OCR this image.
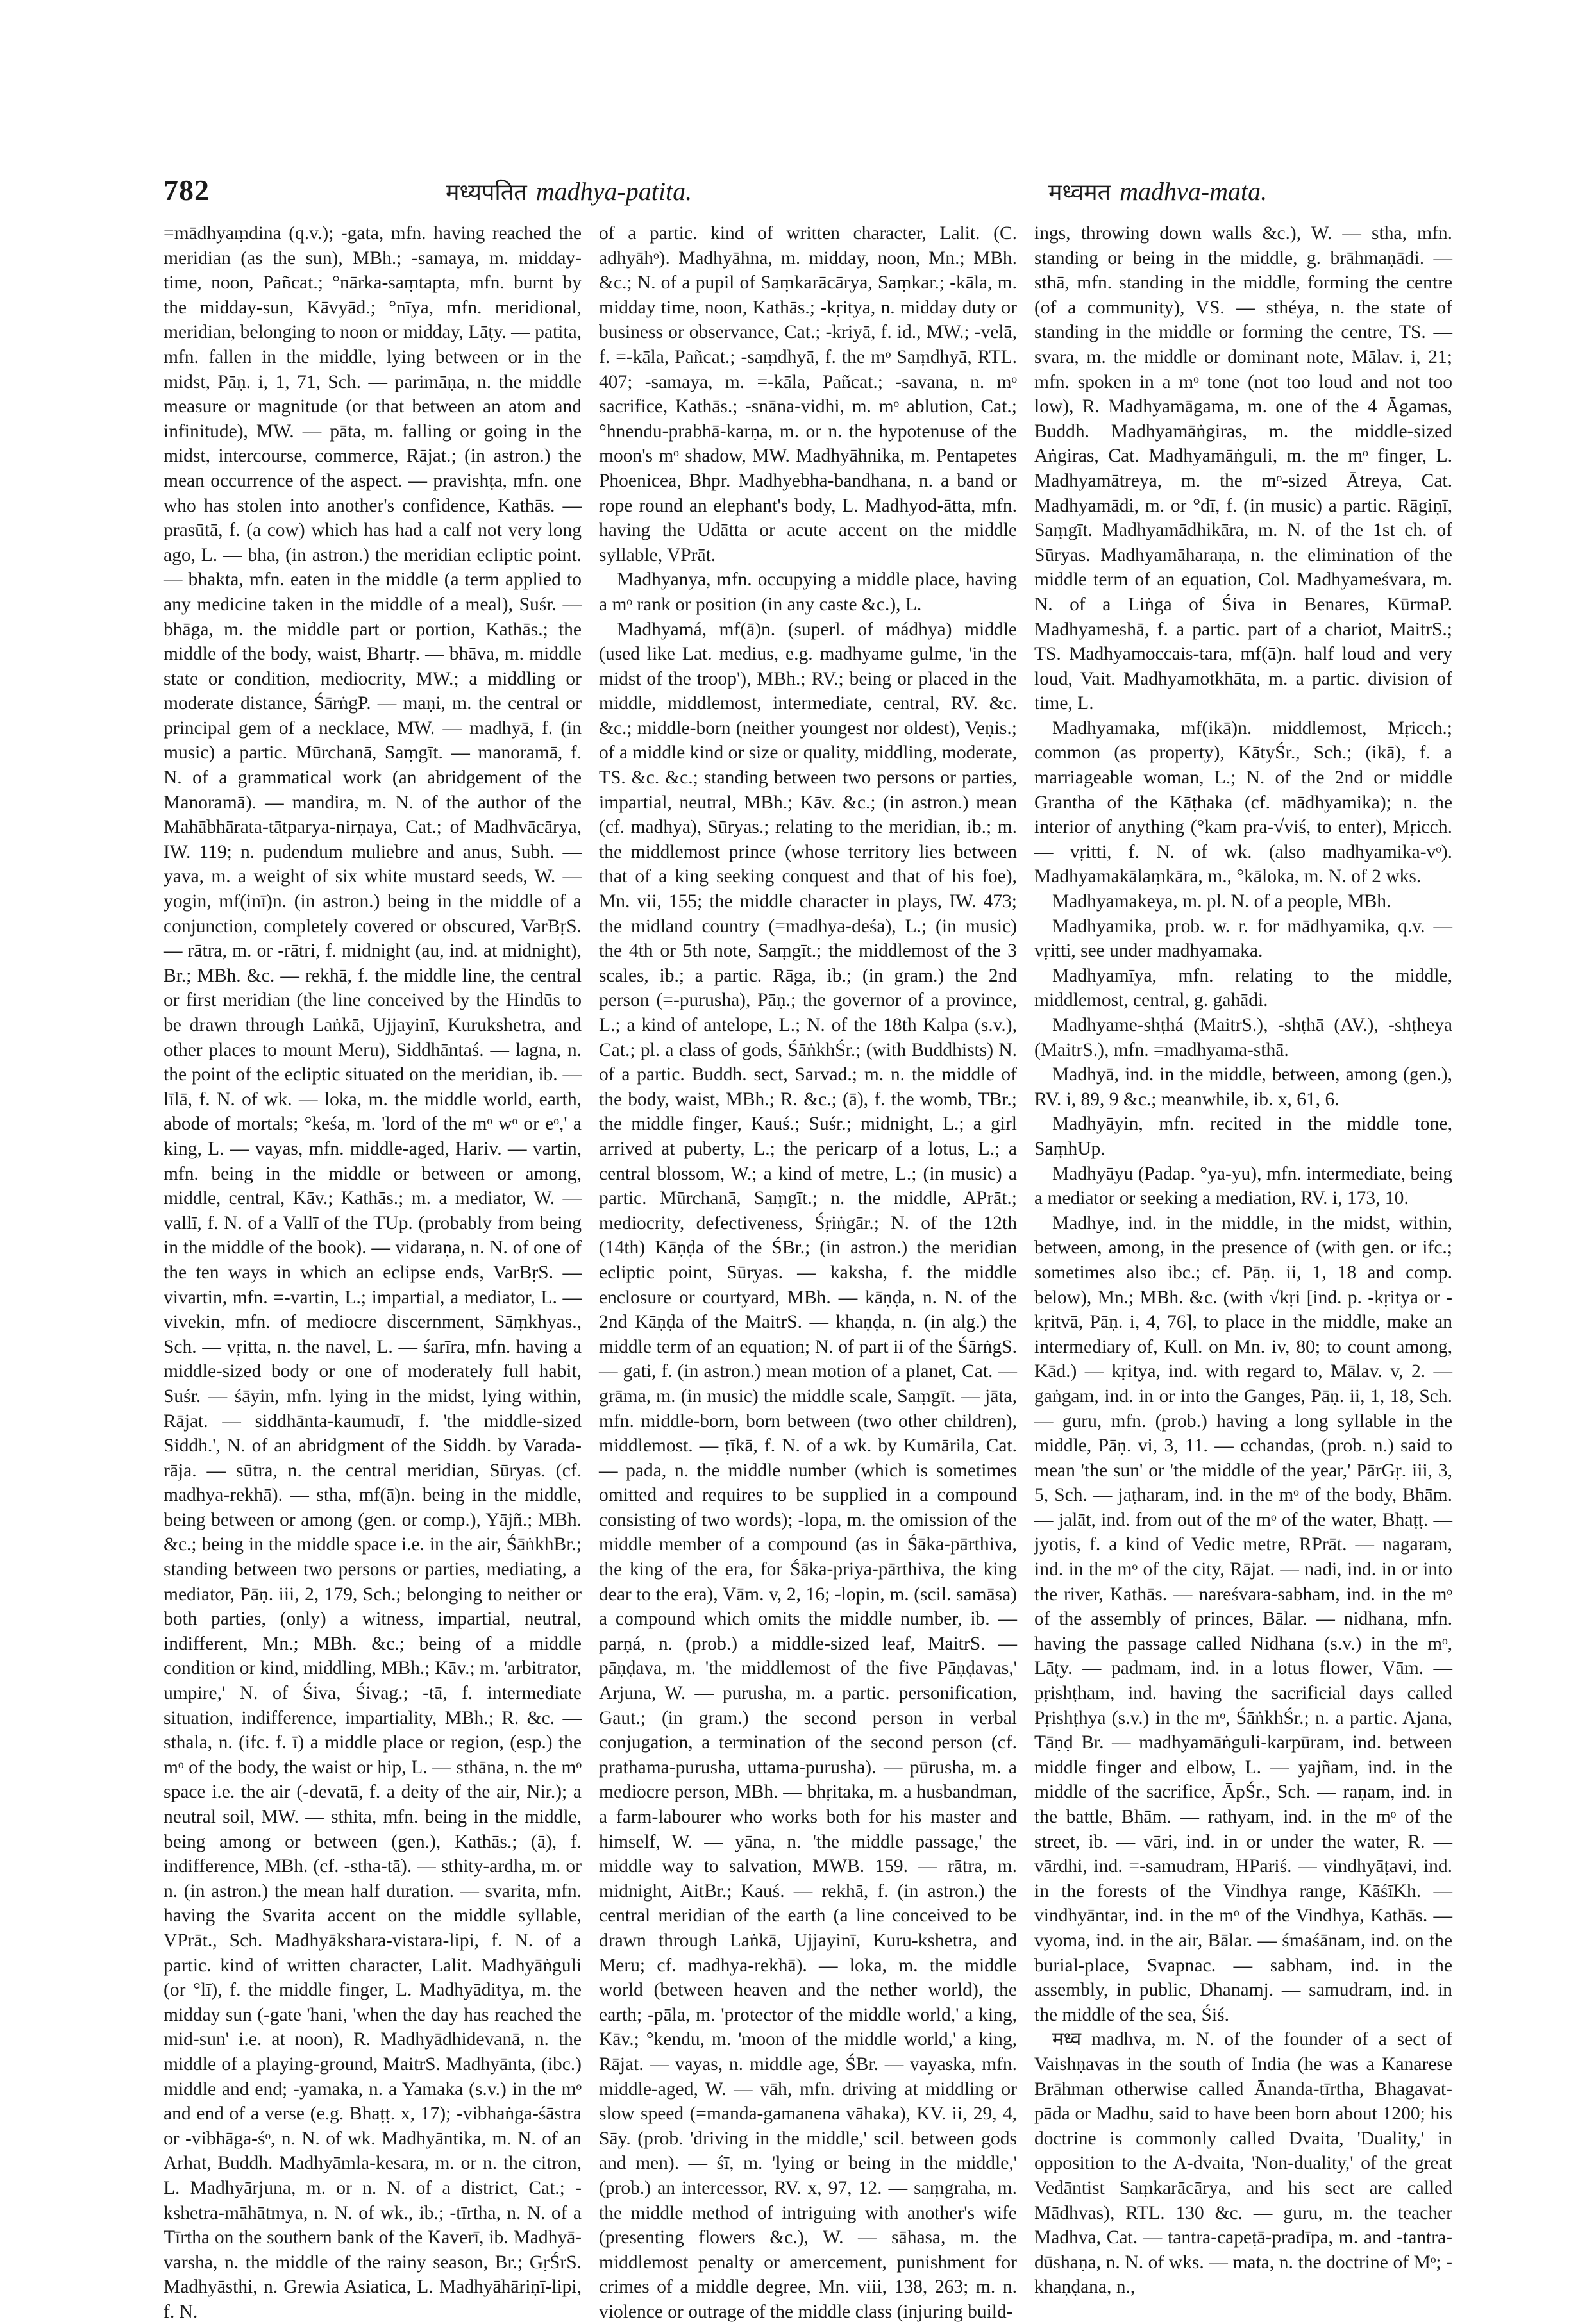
782	मध्यपतित madhya-patita.	मध्वमत madhva-mata.

=mādhyaṃdina (q.v.); -gata, mfn. having reached the meridian (as the sun), MBh.; -samaya, m. midday-time, noon, Pañcat.; °nārka-saṃtapta, mfn. burnt by the midday-sun, Kāvyād.; °nīya, mfn. meridional, meridian, belonging to noon or midday, Lāṭy. — patita, mfn. fallen in the middle, lying between or in the midst, Pāṇ. i, 1, 71, Sch. — parimāṇa, n. the middle measure or magnitude (or that between an atom and infinitude), MW. — pāta, m. falling or going in the midst, intercourse, commerce, Rājat.; (in astron.) the mean occurrence of the aspect. — pravishṭa, mfn. one who has stolen into another's confidence, Kathās. — prasūtā, f. (a cow) which has had a calf not very long ago, L. — bha, (in astron.) the meridian ecliptic point. — bhakta, mfn. eaten in the middle (a term applied to any medicine taken in the middle of a meal), Suśr. — bhāga, m. the middle part or portion, Kathās.; the middle of the body, waist, Bhartṛ. — bhāva, m. middle state or condition, mediocrity, MW.; a middling or moderate distance, ŚārṅgP. — maṇi, m. the central or principal gem of a necklace, MW. — madhyā, f. (in music) a partic. Mūrchanā, Saṃgīt. — manoramā, f. N. of a grammatical work (an abridgement of the Manoramā). — mandira, m. N. of the author of the Mahābhārata-tātparya-nirṇaya, Cat.; of Madhvācārya, IW. 119; n. pudendum muliebre and anus, Subh. — yava, m. a weight of six white mustard seeds, W. — yogin, mf(inī)n. (in astron.) being in the middle of a conjunction, completely covered or obscured, VarBṛS. — rātra, m. or -rātri, f. midnight (au, ind. at midnight), Br.; MBh. &c. — rekhā, f. the middle line, the central or first meridian (the line conceived by the Hindūs to be drawn through Laṅkā, Ujjayinī, Kurukshetra, and other places to mount Meru), Siddhāntaś. — lagna, n. the point of the ecliptic situated on the meridian, ib. — līlā, f. N. of wk. — loka, m. the middle world, earth, abode of mortals; °keśa, m. 'lord of the mᵒ wᵒ or eᵒ,' a king, L. — vayas, mfn. middle-aged, Hariv. — vartin, mfn. being in the middle or between or among, middle, central, Kāv.; Kathās.; m. a mediator, W. — vallī, f. N. of a Vallī of the TUp. (probably from being in the middle of the book). — vidaraṇa, n. N. of one of the ten ways in which an eclipse ends, VarBṛS. — vivartin, mfn. =-vartin, L.; impartial, a mediator, L. — vivekin, mfn. of mediocre discernment, Sāṃkhyas., Sch. — vṛitta, n. the navel, L. — śarīra, mfn. having a middle-sized body or one of moderately full habit, Suśr. — śāyin, mfn. lying in the midst, lying within, Rājat. — siddhānta-kaumudī, f. 'the middle-sized Siddh.', N. of an abridgment of the Siddh. by Varada-rāja. — sūtra, n. the central meridian, Sūryas. (cf. madhya-rekhā). — stha, mf(ā)n. being in the middle, being between or among (gen. or comp.), Yājñ.; MBh. &c.; being in the middle space i.e. in the air, ŚāṅkhBr.; standing between two persons or parties, mediating, a mediator, Pāṇ. iii, 2, 179, Sch.; belonging to neither or both parties, (only) a witness, impartial, neutral, indifferent, Mn.; MBh. &c.; being of a middle condition or kind, middling, MBh.; Kāv.; m. 'arbitrator, umpire,' N. of Śiva, Śivag.; -tā, f. intermediate situation, indifference, impartiality, MBh.; R. &c. — sthala, n. (ifc. f. ī) a middle place or region, (esp.) the mᵒ of the body, the waist or hip, L. — sthāna, n. the mᵒ space i.e. the air (-devatā, f. a deity of the air, Nir.); a neutral soil, MW. — sthita, mfn. being in the middle, being among or between (gen.), Kathās.; (ā), f. indifference, MBh. (cf. -stha-tā). — sthity-ardha, m. or n. (in astron.) the mean half duration. — svarita, mfn. having the Svarita accent on the middle syllable, VPrāt., Sch. Madhyākshara-vistara-lipi, f. N. of a partic. kind of written character, Lalit. Madhyāṅguli (or °lī), f. the middle finger, L. Madhyāditya, m. the midday sun (-gate 'hani, 'when the day has reached the mid-sun' i.e. at noon), R. Madhyādhidevanā, n. the middle of a playing-ground, MaitrS. Madhyānta, (ibc.) middle and end; -yamaka, n. a Yamaka (s.v.) in the mᵒ and end of a verse (e.g. Bhaṭṭ. x, 17); -vibhaṅga-śāstra or -vibhāga-śᵒ, n. N. of wk. Madhyāntika, m. N. of an Arhat, Buddh. Madhyāmla-kesara, m. or n. the citron, L. Madhyārjuna, m. or n. N. of a district, Cat.; -kshetra-māhātmya, n. N. of wk., ib.; -tīrtha, n. N. of a Tīrtha on the southern bank of the Kaverī, ib. Madhyā-varsha, n. the middle of the rainy season, Br.; GṛŚrS. Madhyāsthi, n. Grewia Asiatica, L. Madhyāhāriṇī-lipi, f. N.

of a partic. kind of written character, Lalit. (C. adhyāhᵒ). Madhyāhna, m. midday, noon, Mn.; MBh. &c.; N. of a pupil of Saṃkarācārya, Saṃkar.; -kāla, m. midday time, noon, Kathās.; -kṛitya, n. midday duty or business or observance, Cat.; -kriyā, f. id., MW.; -velā, f. =-kāla, Pañcat.; -saṃdhyā, f. the mᵒ Saṃdhyā, RTL. 407; -samaya, m. =-kāla, Pañcat.; -savana, n. mᵒ sacrifice, Kathās.; -snāna-vidhi, m. mᵒ ablution, Cat.; °hnendu-prabhā-karṇa, m. or n. the hypotenuse of the moon's mᵒ shadow, MW. Madhyāhnika, m. Pentapetes Phoenicea, Bhpr. Madhyebha-bandhana, n. a band or rope round an elephant's body, L. Madhyod-ātta, mfn. having the Udātta or acute accent on the middle syllable, VPrāt.

Madhyanya, mfn. occupying a middle place, having a mᵒ rank or position (in any caste &c.), L.

Madhyamá, mf(ā)n. (superl. of mádhya) middle (used like Lat. medius, e.g. madhyame gulme, 'in the midst of the troop'), MBh.; RV.; being or placed in the middle, middlemost, intermediate, central, RV. &c. &c.; middle-born (neither youngest nor oldest), Veṇis.; of a middle kind or size or quality, middling, moderate, TS. &c. &c.; standing between two persons or parties, impartial, neutral, MBh.; Kāv. &c.; (in astron.) mean (cf. madhya), Sūryas.; relating to the meridian, ib.; m. the middlemost prince (whose territory lies between that of a king seeking conquest and that of his foe), Mn. vii, 155; the middle character in plays, IW. 473; the midland country (=madhya-deśa), L.; (in music) the 4th or 5th note, Saṃgīt.; the middlemost of the 3 scales, ib.; a partic. Rāga, ib.; (in gram.) the 2nd person (=-purusha), Pāṇ.; the governor of a province, L.; a kind of antelope, L.; N. of the 18th Kalpa (s.v.), Cat.; pl. a class of gods, ŚāṅkhŚr.; (with Buddhists) N. of a partic. Buddh. sect, Sarvad.; m. n. the middle of the body, waist, MBh.; R. &c.; (ā), f. the womb, TBr.; the middle finger, Kauś.; Suśr.; midnight, L.; a girl arrived at puberty, L.; the pericarp of a lotus, L.; a central blossom, W.; a kind of metre, L.; (in music) a partic. Mūrchanā, Saṃgīt.; n. the middle, APrāt.; mediocrity, defectiveness, Śṛiṅgār.; N. of the 12th (14th) Kāṇḍa of the ŚBr.; (in astron.) the meridian ecliptic point, Sūryas. — kaksha, f. the middle enclosure or courtyard, MBh. — kāṇḍa, n. N. of the 2nd Kāṇḍa of the MaitrS. — khaṇḍa, n. (in alg.) the middle term of an equation; N. of part ii of the ŚārṅgS. — gati, f. (in astron.) mean motion of a planet, Cat. — grāma, m. (in music) the middle scale, Saṃgīt. — jāta, mfn. middle-born, born between (two other children), middlemost. — ṭīkā, f. N. of a wk. by Kumārila, Cat. — pada, n. the middle number (which is sometimes omitted and requires to be supplied in a compound consisting of two words); -lopa, m. the omission of the middle member of a compound (as in Śāka-pārthiva, the king of the era, for Śāka-priya-pārthiva, the king dear to the era), Vām. v, 2, 16; -lopin, m. (scil. samāsa) a compound which omits the middle number, ib. — parṇá, n. (prob.) a middle-sized leaf, MaitrS. — pāṇḍava, m. 'the middlemost of the five Pāṇḍavas,' Arjuna, W. — purusha, m. a partic. personification, Gaut.; (in gram.) the second person in verbal conjugation, a termination of the second person (cf. prathama-purusha, uttama-purusha). — pūrusha, m. a mediocre person, MBh. — bhṛitaka, m. a husbandman, a farm-labourer who works both for his master and himself, W. — yāna, n. 'the middle passage,' the middle way to salvation, MWB. 159. — rātra, m. midnight, AitBr.; Kauś. — rekhā, f. (in astron.) the central meridian of the earth (a line conceived to be drawn through Laṅkā, Ujjayinī, Kuru-kshetra, and Meru; cf. madhya-rekhā). — loka, m. the middle world (between heaven and the nether world), the earth; -pāla, m. 'protector of the middle world,' a king, Kāv.; °kendu, m. 'moon of the middle world,' a king, Rājat. — vayas, n. middle age, ŚBr. — vayaska, mfn. middle-aged, W. — vāh, mfn. driving at middling or slow speed (=manda-gamanena vāhaka), KV. ii, 29, 4, Sāy. (prob. 'driving in the middle,' scil. between gods and men). — śī, m. 'lying or being in the middle,' (prob.) an intercessor, RV. x, 97, 12. — saṃgraha, m. the middle method of intriguing with another's wife (presenting flowers &c.), W. — sāhasa, m. the middlemost penalty or amercement, punishment for crimes of a middle degree, Mn. viii, 138, 263; m. n. violence or outrage of the middle class (injuring build-

ings, throwing down walls &c.), W. — stha, mfn. standing or being in the middle, g. brāhmaṇādi. — sthā, mfn. standing in the middle, forming the centre (of a community), VS. — sthéya, n. the state of standing in the middle or forming the centre, TS. — svara, m. the middle or dominant note, Mālav. i, 21; mfn. spoken in a mᵒ tone (not too loud and not too low), R. Madhyamāgama, m. one of the 4 Āgamas, Buddh. Madhyamāṅgiras, m. the middle-sized Aṅgiras, Cat. Madhyamāṅguli, m. the mᵒ finger, L. Madhyamātreya, m. the mᵒ-sized Ātreya, Cat. Madhyamādi, m. or °dī, f. (in music) a partic. Rāgiṇī, Saṃgīt. Madhyamādhikāra, m. N. of the 1st ch. of Sūryas. Madhyamāharaṇa, n. the elimination of the middle term of an equation, Col. Madhyameśvara, m. N. of a Liṅga of Śiva in Benares, KūrmaP. Madhyameshā, f. a partic. part of a chariot, MaitrS.; TS. Madhyamoccais-tara, mf(ā)n. half loud and very loud, Vait. Madhyamotkhāta, m. a partic. division of time, L.

Madhyamaka, mf(ikā)n. middlemost, Mṛicch.; common (as property), KātyŚr., Sch.; (ikā), f. a marriageable woman, L.; N. of the 2nd or middle Grantha of the Kāṭhaka (cf. mādhyamika); n. the interior of anything (°kam pra-√viś, to enter), Mṛicch. — vṛitti, f. N. of wk. (also madhyamika-vᵒ). Madhyamakālaṃkāra, m., °kāloka, m. N. of 2 wks.

Madhyamakeya, m. pl. N. of a people, MBh.

Madhyamika, prob. w. r. for mādhyamika, q.v. — vṛitti, see under madhyamaka.

Madhyamīya, mfn. relating to the middle, middlemost, central, g. gahādi.

Madhyame-shṭhá (MaitrS.), -shṭhā (AV.), -shṭheya (MaitrS.), mfn. =madhyama-sthā.

Madhyā, ind. in the middle, between, among (gen.), RV. i, 89, 9 &c.; meanwhile, ib. x, 61, 6.

Madhyāyin, mfn. recited in the middle tone, SaṃhUp.

Madhyāyu (Padap. °ya-yu), mfn. intermediate, being a mediator or seeking a mediation, RV. i, 173, 10.

Madhye, ind. in the middle, in the midst, within, between, among, in the presence of (with gen. or ifc.; sometimes also ibc.; cf. Pāṇ. ii, 1, 18 and comp. below), Mn.; MBh. &c. (with √kṛi [ind. p. -kṛitya or -kṛitvā, Pāṇ. i, 4, 76], to place in the middle, make an intermediary of, Kull. on Mn. iv, 80; to count among, Kād.) — kṛitya, ind. with regard to, Mālav. v, 2. — gaṅgam, ind. in or into the Ganges, Pāṇ. ii, 1, 18, Sch. — guru, mfn. (prob.) having a long syllable in the middle, Pāṇ. vi, 3, 11. — cchandas, (prob. n.) said to mean 'the sun' or 'the middle of the year,' PārGṛ. iii, 3, 5, Sch. — jaṭharam, ind. in the mᵒ of the body, Bhām. — jalāt, ind. from out of the mᵒ of the water, Bhaṭṭ. — jyotis, f. a kind of Vedic metre, RPrāt. — nagaram, ind. in the mᵒ of the city, Rājat. — nadi, ind. in or into the river, Kathās. — nareśvara-sabham, ind. in the mᵒ of the assembly of princes, Bālar. — nidhana, mfn. having the passage called Nidhana (s.v.) in the mᵒ, Lāṭy. — padmam, ind. in a lotus flower, Vām. — pṛishṭham, ind. having the sacrificial days called Pṛishṭhya (s.v.) in the mᵒ, ŚāṅkhŚr.; n. a partic. Ajana, Tāṇḍ Br. — madhyamāṅguli-karpūram, ind. between middle finger and elbow, L. — yajñam, ind. in the middle of the sacrifice, ĀpŚr., Sch. — raṇam, ind. in the battle, Bhām. — rathyam, ind. in the mᵒ of the street, ib. — vāri, ind. in or under the water, R. — vārdhi, ind. =-samudram, HPariś. — vindhyāṭavi, ind. in the forests of the Vindhya range, KāśīKh. — vindhyāntar, ind. in the mᵒ of the Vindhya, Kathās. — vyoma, ind. in the air, Bālar. — śmaśānam, ind. on the burial-place, Svapnac. — sabham, ind. in the assembly, in public, Dhanamj. — samudram, ind. in the middle of the sea, Śiś.

मध्व madhva, m. N. of the founder of a sect of Vaishṇavas in the south of India (he was a Kanarese Brāhman otherwise called Ānanda-tīrtha, Bhagavat-pāda or Madhu, said to have been born about 1200; his doctrine is commonly called Dvaita, 'Duality,' in opposition to the A-dvaita, 'Non-duality,' of the great Vedāntist Saṃkarācārya, and his sect are called Mādhvas), RTL. 130 &c. — guru, m. the teacher Madhva, Cat. — tantra-capeṭā-pradīpa, m. and -tantra-dūshaṇa, n. N. of wks. — mata, n. the doctrine of Mᵒ; -khaṇḍana, n.,
